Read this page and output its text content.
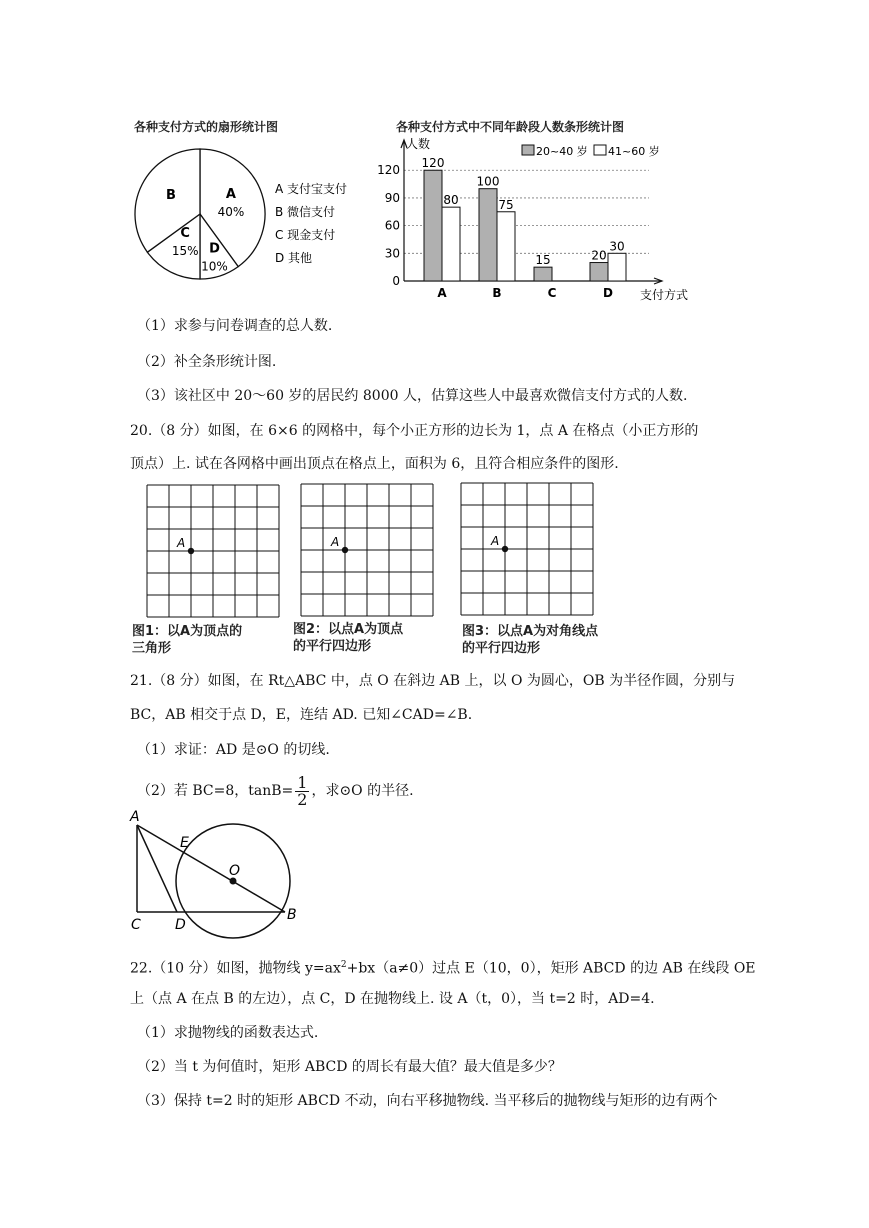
各种支付方式的扇形统计图
A
40%
D
10%
C
15%
B	A 支付宝支付
B 微信支付
C 现金支付
D 其他
各种支付方式中不同年龄段人数条形统计图
0
30
60
90
120
人数
支付方式
20~40 岁 41~60 岁
A
120
80
B
100
75
C
15
D
20
30
（1）求参与问卷调查的总人数.
（2）补全条形统计图.
（3）该社区中 20～60 岁的居民约 8000 人，估算这些人中最喜欢微信支付方式的人数.
20.（8 分）如图，在 6×6 的网格中，每个小正方形的边长为 1，点 A 在格点（小正方形的
顶点）上. 试在各网格中画出顶点在格点上，面积为 6，且符合相应条件的图形.
A	A	A
图1：以A为顶点的
三角形
图2：以点A为顶点
的平行四边形
图3：以点A为对角线点
的平行四边形
21.（8 分）如图，在 Rt△ABC 中，点 O 在斜边 AB 上，以 O 为圆心，OB 为半径作圆，分别与
BC，AB 相交于点 D，E，连结 AD. 已知∠CAD=∠B.
（1）求证：AD 是⊙O 的切线.
（2）若 BC=8，$\tan B= \frac{1}{2}$ ，求⊙O 的半径.
A
E
O
C D
B
22.（10 分）如图，抛物线 $y=ax^2+bx(a\ne 0)$过点 E（10，0），矩形 ABCD 的边 AB 在线段 OE
上（点 A 在点 B 的左边），点 C，D 在抛物线上. 设 A（t，0），当 t=2 时，AD=4.
（1）求抛物线的函数表达式.
（2）当 t 为何值时，矩形 ABCD 的周长有最大值？最大值是多少？
（3）保持 t=2 时的矩形 ABCD 不动，向右平移抛物线. 当平移后的抛物线与矩形的边有两个
